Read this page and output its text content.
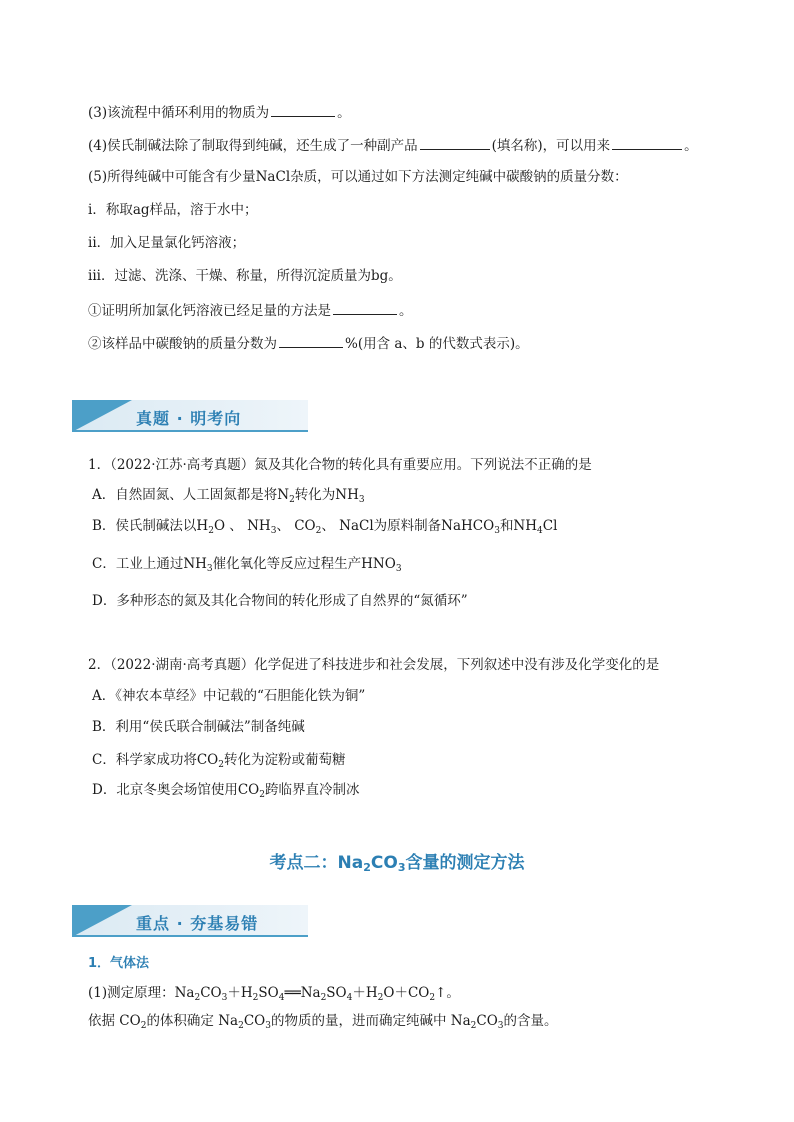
(3)该流程中循环利用的物质为	。
(4)侯氏制碱法除了制取得到纯碱，还生成了一种副产品	(填名称)，可以用来	。
(5)所得纯碱中可能含有少量NaCl杂质，可以通过如下方法测定纯碱中碳酸钠的质量分数：
i．称取ag样品，溶于水中；
ii．加入足量氯化钙溶液；
iii．过滤、洗涤、干燥、称量，所得沉淀质量为bg。
①证明所加氯化钙溶液已经足量的方法是	。
②该样品中碳酸钠的质量分数为	%(用含 a、b 的代数式表示)。
真题 · 明考向
1．（2022·江苏·高考真题）氮及其化合物的转化具有重要应用。下列说法不正确的是
A．自然固氮、人工固氮都是将$N_2$转化为$NH_3$
B．侯氏制碱法以$H_2O$ 、 $NH_3$、 $CO_2$、 NaCl为原料制备NaHCO$_3$和$NH_4Cl$
C．工业上通过$NH_3$催化氧化等反应过程生产$HNO_3$
D．多种形态的氮及其化合物间的转化形成了自然界的“氮循环”
2．（2022·湖南·高考真题）化学促进了科技进步和社会发展，下列叙述中没有涉及化学变化的是
A．《神农本草经》中记载的“石胆能化铁为铜”
B．利用“侯氏联合制碱法”制备纯碱
C．科学家成功将$CO_2$转化为淀粉或葡萄糖
D．北京冬奥会场馆使用$CO_2$跨临界直冷制冰
考点二：$Na_2CO_3$含量的测定方法
重点 · 夯基易错
1．气体法
(1)测定原理：$Na_2CO_3+H_2SO_4══Na_2SO_4+H_2O+CO_2↑$。
依据 $CO_2$的体积确定 $Na_2CO_3$的物质的量，进而确定纯碱中 $Na_2CO_3$的含量。
